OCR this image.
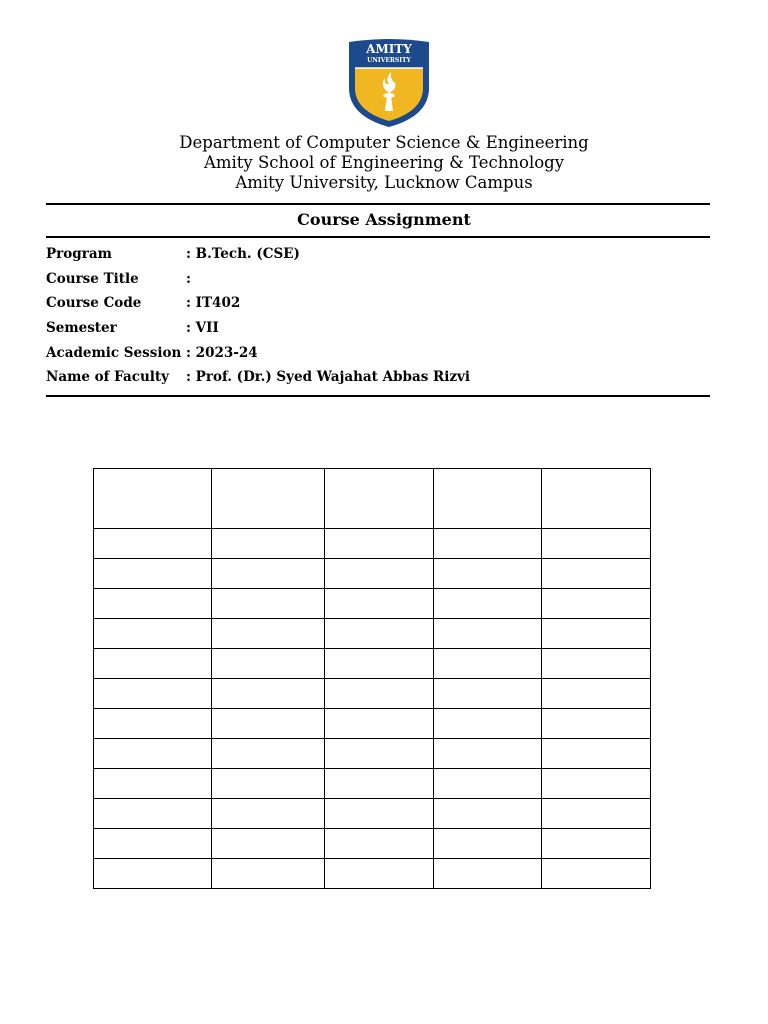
AMITY
UNIVERSITY
Department of Computer Science & Engineering
Amity School of Engineering & Technology
Amity University, Lucknow Campus
Course Assignment
Program	: B.Tech. (CSE)
Course Title	:
Course Code	: IT402
Semester	: VII
Academic Session : 2023-24
Name of Faculty	: Prof. (Dr.) Syed Wajahat Abbas Rizvi
